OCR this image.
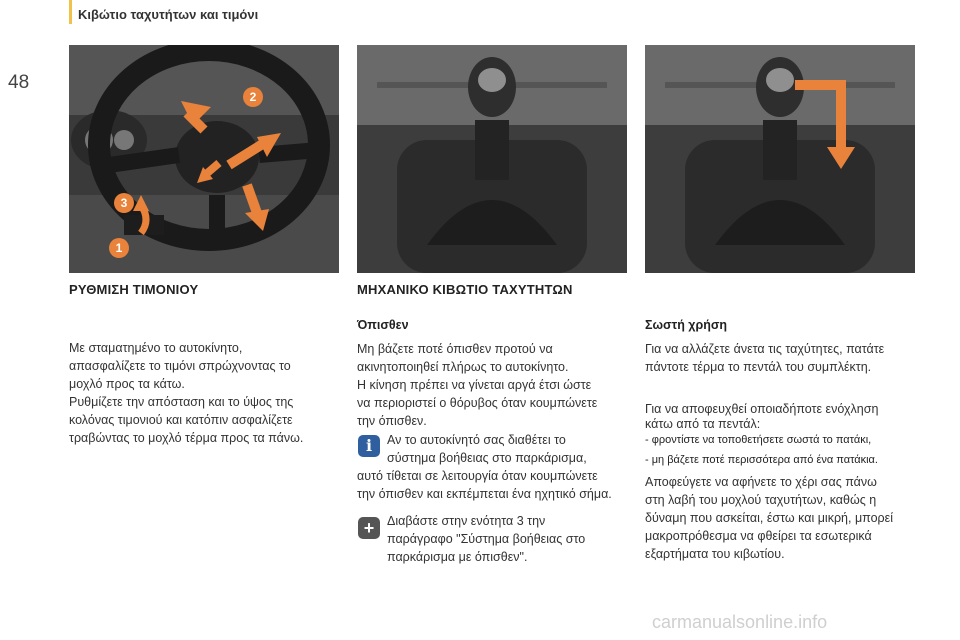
Κιβώτιο ταχυτήτων και τιμόνι
48
2
3
1
ΡΥΘΜΙΣΗ ΤΙΜΟΝΙΟΥ	ΜΗΧΑΝΙΚΟ ΚΙΒΩΤΙΟ ΤΑΧΥΤΗΤΩΝ

Με σταματημένο το αυτοκίνητο,

απασφαλίζετε το τιμόνι σπρώχνοντας το

μοχλό προς τα κάτω.

Ρυθμίζετε την απόσταση και το ύψος της

κολόνας τιμονιού και κατόπιν ασφαλίζετε

τραβώντας το μοχλό τέρμα προς τα πάνω.

Όπισθεν

Μη βάζετε ποτέ όπισθεν προτού να

ακινητοποιηθεί πλήρως το αυτοκίνητο.

Η κίνηση πρέπει να γίνεται αργά έτσι ώστε

να περιοριστεί ο θόρυβος όταν κουμπώνετε

την όπισθεν.

i	Αν το αυτοκίνητό σας διαθέτει το

σύστημα βοήθειας στο παρκάρισμα,

αυτό τίθεται σε λειτουργία όταν κουμπώνετε

την όπισθεν και εκπέμπεται ένα ηχητικό σήμα.

+	Διαβάστε στην ενότητα 3 την

παράγραφο "Σύστημα βοήθειας στο

παρκάρισμα με όπισθεν".

Σωστή χρήση

Για να αλλάζετε άνετα τις ταχύτητες, πατάτε

πάντοτε τέρμα το πεντάλ του συμπλέκτη.

Για να αποφευχθεί οποιαδήποτε ενόχληση

κάτω από τα πεντάλ:

- φροντίστε να τοποθετήσετε σωστά το πατάκι,
- μη βάζετε ποτέ περισσότερα από ένα πατάκια.

Αποφεύγετε να αφήνετε το χέρι σας πάνω

στη λαβή του μοχλού ταχυτήτων, καθώς η

δύναμη που ασκείται, έστω και μικρή, μπορεί

μακροπρόθεσμα να φθείρει τα εσωτερικά

εξαρτήματα του κιβωτίου.

carmanualsonline.info
